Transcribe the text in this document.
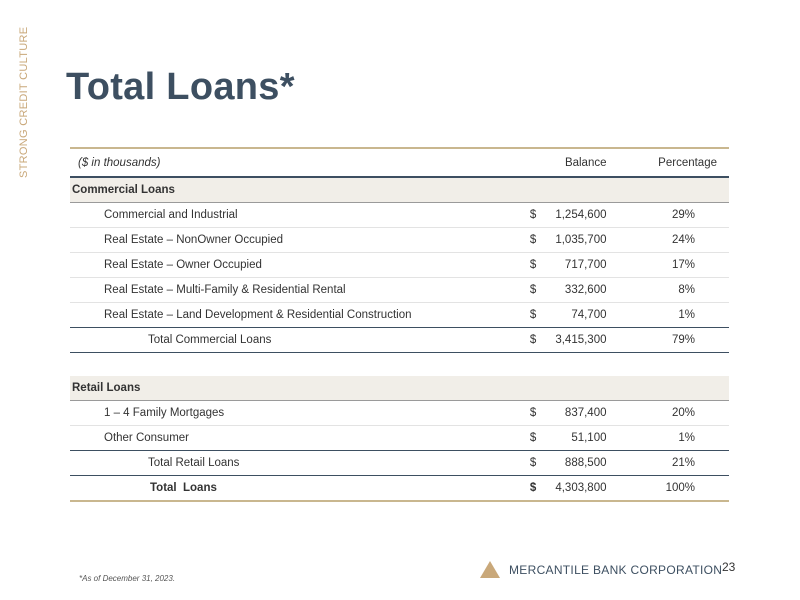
STRONG CREDIT CULTURE Total Loans*
($ in thousands)		Balance	Percentage
Commercial Loans			
Commercial and Industrial	$	1,254,600	29%
Real Estate – NonOwner Occupied	$	1,035,700	24%
Real Estate – Owner Occupied	$	717,700	17%
Real Estate – Multi-Family & Residential Rental	$	332,600	8%
Real Estate – Land Development & Residential Construction	$	74,700	1%
Total Commercial Loans	$	3,415,300	79%

Retail Loans			
1 – 4 Family Mortgages	$	837,400	20%
Other Consumer	$	51,100	1%
Total Retail Loans	$	888,500	21%
Total  Loans	$	4,303,800	100%
*As of December 31, 2023.
MERCANTILE BANK CORPORATION 23
